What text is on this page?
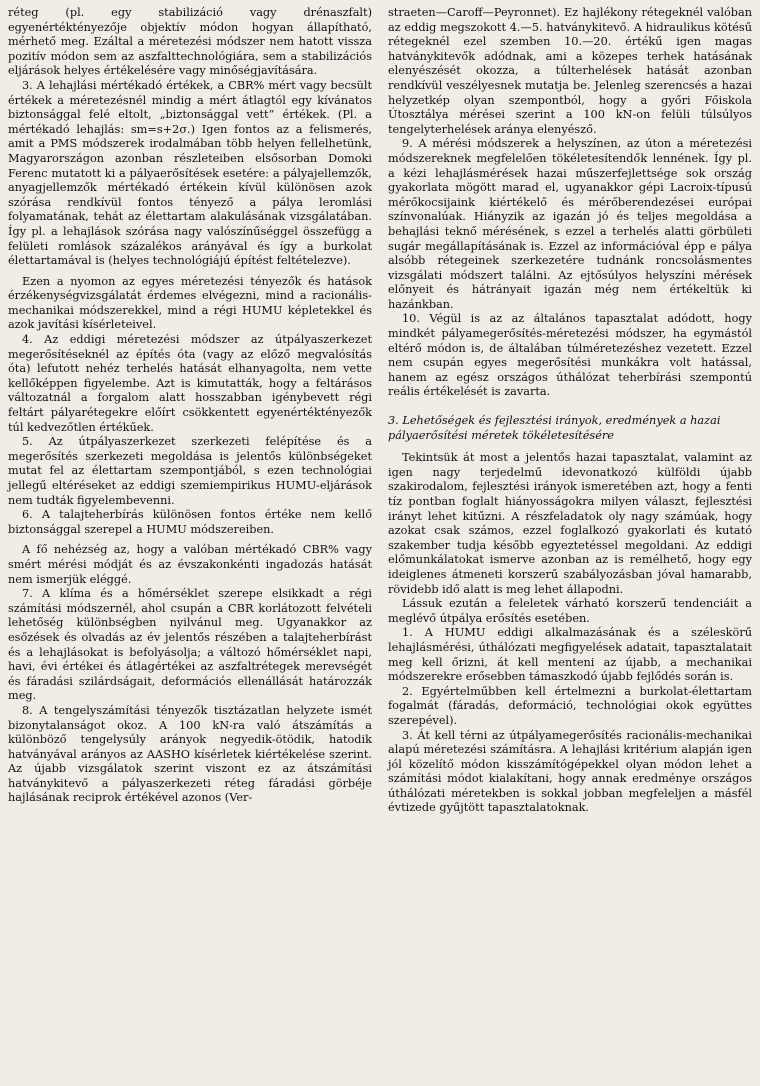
réteg (pl. egy stabilizáció vagy drénaszfalt) egyenértéktényezője objektív módon hogyan állapítható, mérhető meg. Ezáltal a méretezési módszer nem hatott vissza pozitív módon sem az aszfalttechnológiára, sem a stabilizációs eljárások helyes értékelésére vagy minőségjavítására.

3. A lehajlási mértékadó értékek, a CBR% mért vagy becsült értékek a méretezésnél mindig a mért átlagtól egy kívánatos biztonsággal felé eltolt, „biztonsággal vett” értékek. (Pl. a mértékadó lehajlás: sm=s+2σ.) Igen fontos az a felismerés, amit a PMS módszerek irodalmában több helyen fellelhetünk, Magyarországon azonban részleteiben elsősorban Domoki Ferenc mutatott ki a pályaerősítések esetére: a pályajellemzők, anyagjellemzők mértékadó értékein kívül különösen azok szórása rendkívül fontos tényező a pálya leromlási folyamatának, tehát az élettartam alakulásának vizsgálatában. Így pl. a lehajlások szórása nagy valószínűséggel összefügg a felületi romlások százalékos arányával és így a burkolat élettartamával is (helyes technológiájú építést feltételezve).

Ezen a nyomon az egyes méretezési tényezők és hatások érzékenységvizsgálatát érdemes elvégezni, mind a racionális-mechanikai módszerekkel, mind a régi HUMU képletekkel és azok javítási kísérleteivel.

4. Az eddigi méretezési módszer az útpályaszerkezet megerősítéseknél az építés óta (vagy az előző megvalósítás óta) lefutott nehéz terhelés hatását elhanyagolta, nem vette kellőképpen figyelembe. Azt is kimutatták, hogy a feltárásos változatnál a forgalom alatt hosszabban igénybevett régi feltárt pályarétegekre előírt csökkentett egyenértéktényezők túl kedvezőtlen értékűek.

5. Az útpályaszerkezet szerkezeti felépítése és a megerősítés szerkezeti megoldása is jelentős különbségeket mutat fel az élettartam szempontjából, s ezen technológiai jellegű eltéréseket az eddigi szemiempirikus HUMU-eljárások nem tudták figyelembevenni.

6. A talajteherbírás különösen fontos értéke nem kellő biztonsággal szerepel a HUMU módszereiben.

A fő nehézség az, hogy a valóban mértékadó CBR% vagy smért mérési módját és az évszakonkénti ingadozás hatását nem ismerjük eléggé.

7. A klíma és a hőmérséklet szerepe elsikkadt a régi számítási módszernél, ahol csupán a CBR korlátozott felvételi lehetőség különbségben nyilvánul meg. Ugyanakkor az esőzések és olvadás az év jelentős részében a talajteherbírást és a lehajlásokat is befolyásolja; a változó hőmérséklet napi, havi, évi értékei és átlagértékei az aszfaltrétegek merevségét és fáradási szilárdságait, deformációs ellenállását határozzák meg.

8. A tengelyszámítási tényezők tisztázatlan helyzete ismét bizonytalanságot okoz. A 100 kN-ra való átszámítás a különböző tengelysúly arányok negyedik-ötödik, hatodik hatványával arányos az AASHO kísérletek kiértékelése szerint. Az újabb vizsgálatok szerint viszont ez az átszámítási hatványkitevő a pályaszerkezeti réteg fáradási görbéje hajlásának reciprok értékével azonos (Ver-

straeten—Caroff—Peyronnet). Ez hajlékony rétegeknél valóban az eddig megszokott 4.—5. hatványkitevő. A hidraulikus kötésű rétegeknél ezel szemben 10.—20. értékű igen magas hatványkitevők adódnak, ami a közepes terhek hatásának elenyészését okozza, a túlterhelések hatását azonban rendkívül veszélyesnek mutatja be. Jelenleg szerencsés a hazai helyzetkép olyan szempontból, hogy a győri Főiskola Útosztálya mérései szerint a 100 kN-on felüli túlsúlyos tengelyterhelések aránya elenyésző.

9. A mérési módszerek a helyszínen, az úton a méretezési módszereknek megfelelően tökéletesítendők lennének. Így pl. a kézi lehajlásmérések hazai műszerfejlettsége sok ország gyakorlata mögött marad el, ugyanakkor gépi Lacroix-típusú mérőkocsijaink kiértékelő és mérőberendezései európai színvonalúak. Hiányzik az igazán jó és teljes megoldása a behajlási teknő mérésének, s ezzel a terhelés alatti görbületi sugár megállapításának is. Ezzel az információval épp e pálya alsóbb rétegeinek szerkezetére tudnánk roncsolásmentes vizsgálati módszert találni. Az ejtősúlyos helyszíni mérések előnyeit és hátrányait igazán még nem értékeltük ki hazánkban.

10. Végül is az az általános tapasztalat adódott, hogy mindkét pályamegerősítés-méretezési módszer, ha egymástól eltérő módon is, de általában túlméretezéshez vezetett. Ezzel nem csupán egyes megerősítési munkákra volt hatással, hanem az egész országos úthálózat teherbírási szempontú reális értékelését is zavarta.

3. Lehetőségek és fejlesztési irányok, eredmények a hazai pályaerősítési méretek tökéletesítésére

Tekintsük át most a jelentős hazai tapasztalat, valamint az igen nagy terjedelmű idevonatkozó külföldi újabb szakirodalom, fejlesztési irányok ismeretében azt, hogy a fenti tíz pontban foglalt hiányosságokra milyen választ, fejlesztési irányt lehet kitűzni. A részfeladatok oly nagy számúak, hogy azokat csak számos, ezzel foglalkozó gyakorlati és kutató szakember tudja később egyeztetéssel megoldani. Az eddigi előmunkálatokat ismerve azonban az is remélhető, hogy egy ideiglenes átmeneti korszerű szabályozásban jóval hamarabb, rövidebb idő alatt is meg lehet állapodni.

Lássuk ezután a feleletek várható korszerű tendenciáit a meglévő útpálya erősítés esetében.

1. A HUMU eddigi alkalmazásának és a széleskörű lehajlásmérési, úthálózati megfigyelések adatait, tapasztalatait meg kell őrizni, át kell menteni az újabb, a mechanikai módszerekre erősebben támaszkodó újabb fejlődés során is.

2. Egyértelműbben kell értelmezni a burkolat-élettartam fogalmát (fáradás, deformáció, technológiai okok együttes szerepével).

3. Át kell térni az útpályamegerősítés racionális-mechanikai alapú méretezési számításra. A lehajlási kritérium alapján igen jól közelítő módon kisszámítógépekkel olyan módon lehet a számítási módot kialakítani, hogy annak eredménye országos úthálózati méretekben is sokkal jobban megfeleljen a másfél évtizede gyűjtött tapasztalatoknak.
